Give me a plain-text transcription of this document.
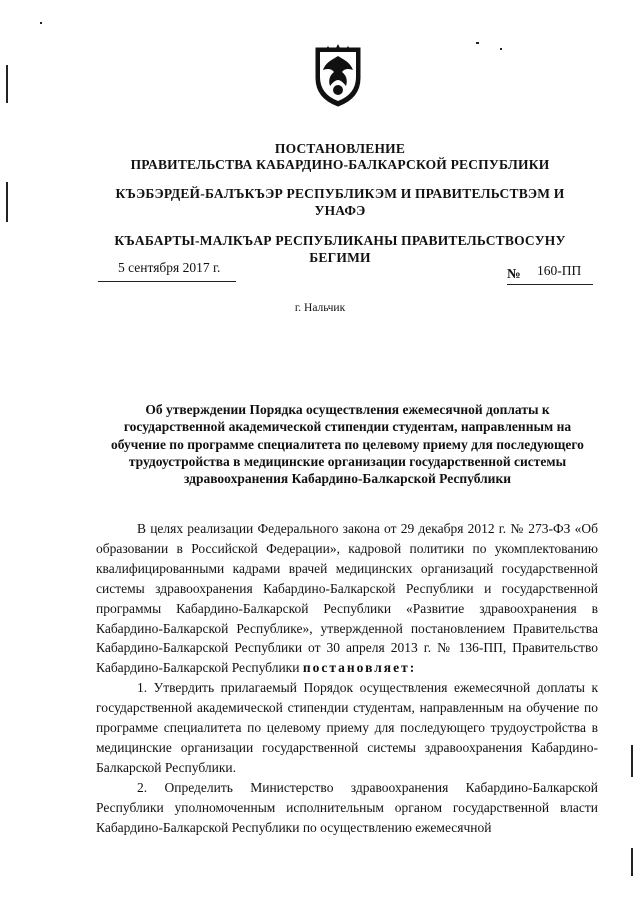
ПОСТАНОВЛЕНИЕ
ПРАВИТЕЛЬСТВА КАБАРДИНО-БАЛКАРСКОЙ РЕСПУБЛИКИ
КЪЭБЭРДЕЙ-БАЛЪКЪЭР РЕСПУБЛИКЭМ И ПРАВИТЕЛЬСТВЭМ И
УНАФЭ
КЪАБАРТЫ-МАЛКЪАР РЕСПУБЛИКАНЫ ПРАВИТЕЛЬСТВОСУНУ
БЕГИМИ
5 сентября 2017 г.	№ 160-ПП
г. Нальчик
Об утверждении Порядка осуществления ежемесячной доплаты к государственной академической стипендии студентам, направленным на обучение по программе специалитета по целевому приему для последующего трудоустройства в медицинские организации государственной системы здравоохранения Кабардино-Балкарской Республики

В целях реализации Федерального закона от 29 декабря 2012 г. № 273-ФЗ «Об образовании в Российской Федерации», кадровой политики по укомплектованию квалифицированными кадрами врачей медицинских организаций государственной системы здравоохранения Кабардино-Балкарской Республики и государственной программы Кабардино-Балкарской Республики «Развитие здравоохранения в Кабардино-Балкарской Республике», утвержденной постановлением Правительства Кабардино-Балкарской Республики от 30 апреля 2013 г. № 136-ПП, Правительство Кабардино-Балкарской Республики постановляет:

1. Утвердить прилагаемый Порядок осуществления ежемесячной доплаты к государственной академической стипендии студентам, направленным на обучение по программе специалитета по целевому приему для последующего трудоустройства в медицинские организации государственной системы здравоохранения Кабардино-Балкарской Республики.

2. Определить Министерство здравоохранения Кабардино-Балкарской Республики уполномоченным исполнительным органом государственной власти Кабардино-Балкарской Республики по осуществлению ежемесячной
